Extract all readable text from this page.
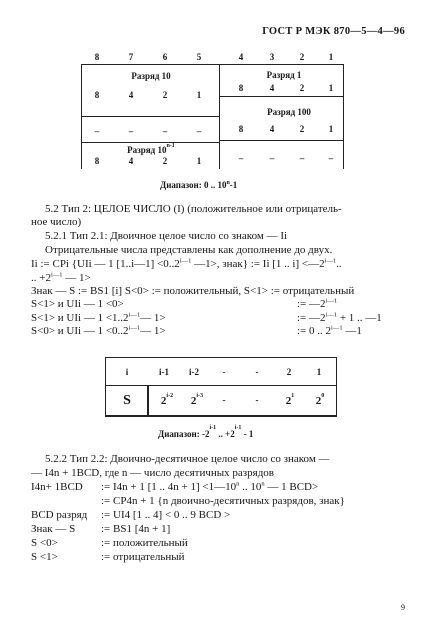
ГОСТ Р МЭК 870—5—4—96
8	7	6	5	4	3	2	1
Разряд 10
8	4	2	1
–	–	–	–
Разряд 10$^{n-1}$
8	4	2	1
Разряд 1
8	4	2	1
Разряд 100
8	4	2	1
–	–	–	–
Диапазон: 0 .. 10$^n$-1
5.2 Тип 2: ЦЕЛОЕ ЧИСЛО (I) (положительное или отрицатель-
ное число)
5.2.1 Тип 2.1: Двоичное целое число со знаком — Ii
Отрицательные числа представлены как дополнение до двух.
Ii := CPi {UIi — 1 [1..i—1] $<0..2^{i—1}$ —1>, знак} := Ii [1 .. $i] <—2^{i—1}$..
.. $+2^{i—1}$ — 1>
Знак — S := BS1 [i] S<0> := положительный, S<1> := отрицательный
S<1> и UIi — 1 <0>	:= $—2^{i—1}$
S<1> и UIi — $1 <1..2^{i—1}—$ 1>	:= $—2^{i—1} + 1$ .. —1
S<0> и UIi — $1 <0..2^{i—1}—$ 1>	:= 0 .. $2^{i—1}$ —1
i	i-1	i-2	-	-	2	1
S	2$^{i-2}$	2$^{i-3}$	-	-	$2^1$	$2^0$
Диапазон: -2$^{i-1}$ .. $+2^{i-1} - 1$
5.2.2 Тип 2.2: Двоично-десятичное целое число со знаком —
— I4n + 1BCD, где n — число десятичных разрядов
I4n+ 1BCD := I4n + 1 [1 .. $4n + 1] <1—10^n$ .. 10$^n$ — 1 BCD>
:= CP4n + 1 {n двоично-десятичных разрядов, знак}
BCD разряд := UI4 [1 .. 4] < 0 .. 9 BCD >
Знак — S := BS1 [4n + 1]
S <0>	:= положительный
S <1>	:= отрицательный
9
